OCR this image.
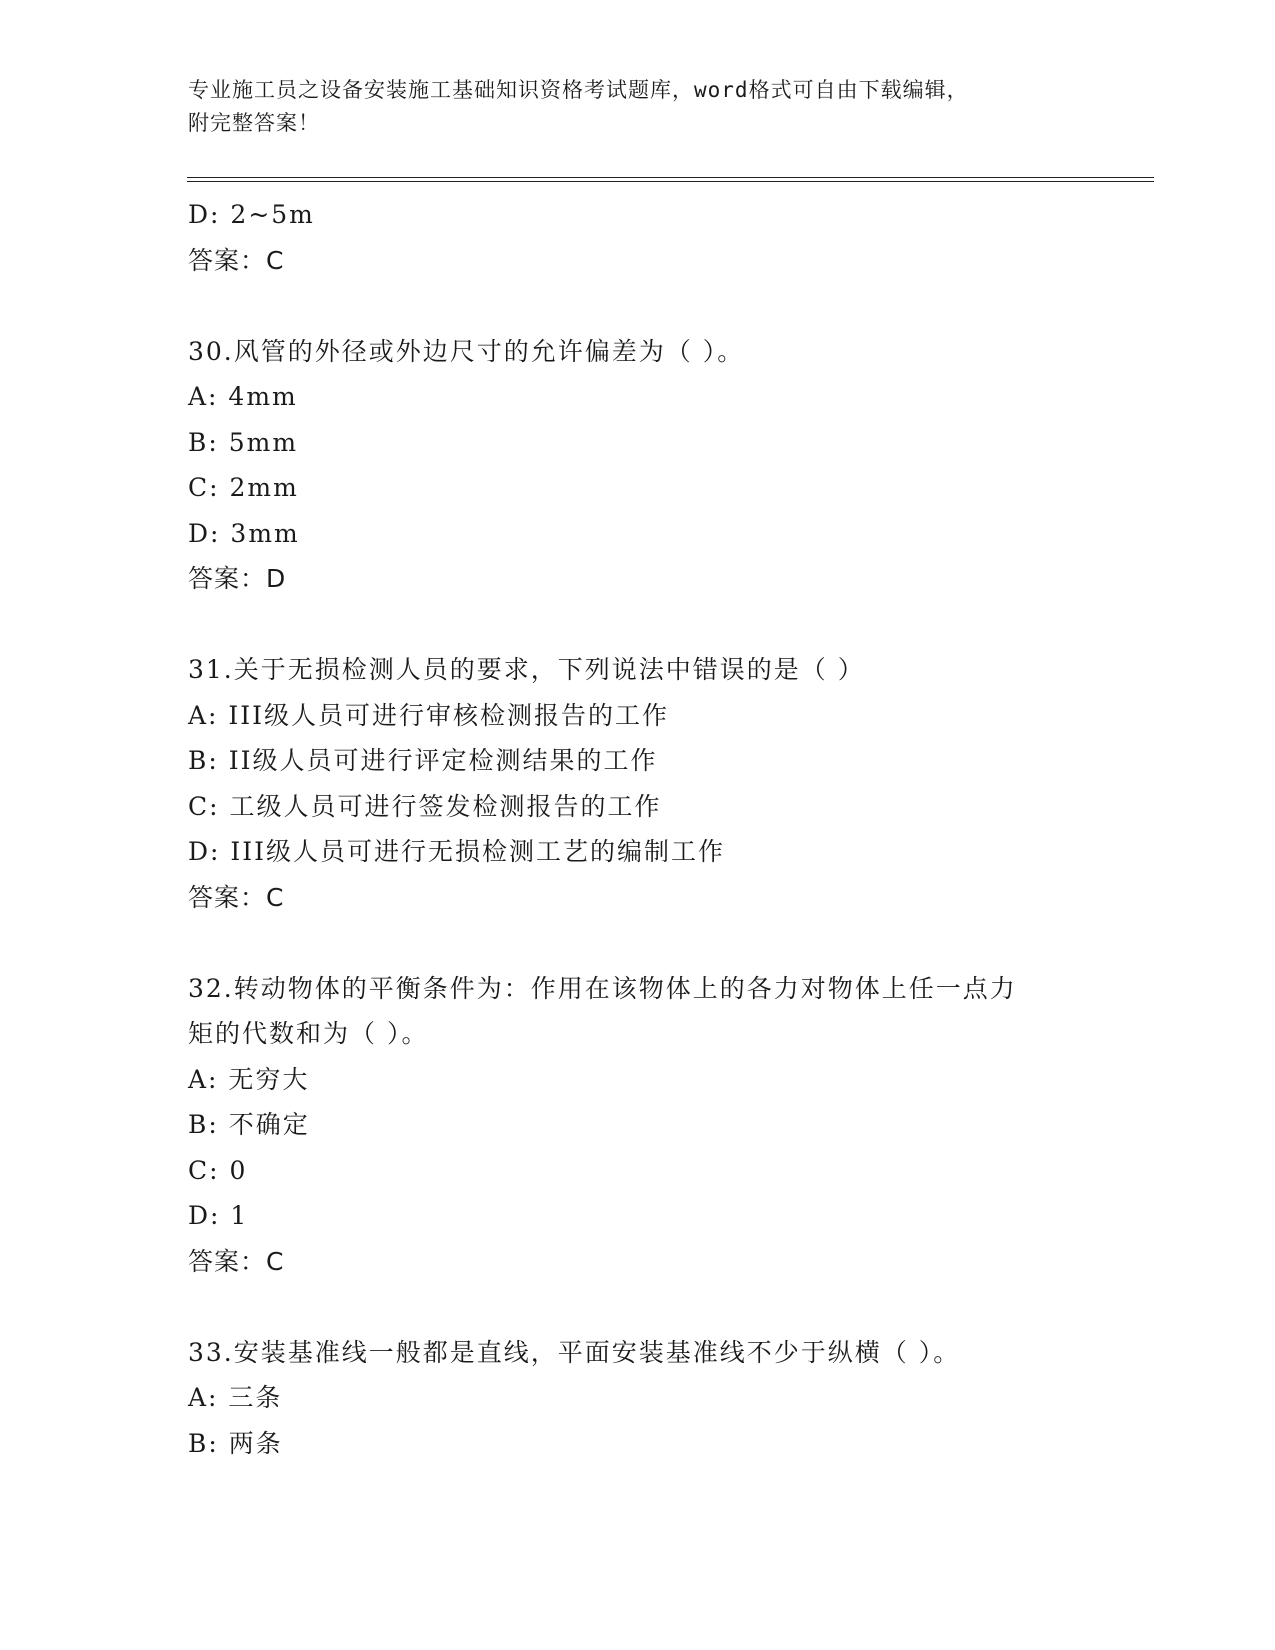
专业施工员之设备安装施工基础知识资格考试题库，word格式可自由下载编辑，
附完整答案！
D: 2~5m
答案：C
30.风管的外径或外边尺寸的允许偏差为（ ）。
A: 4mm
B: 5mm
C: 2mm
D: 3mm
答案：D
31.关于无损检测人员的要求，下列说法中错误的是（ ）
A: III级人员可进行审核检测报告的工作
B: II级人员可进行评定检测结果的工作
C: 工级人员可进行签发检测报告的工作
D: III级人员可进行无损检测工艺的编制工作
答案：C
32.转动物体的平衡条件为：作用在该物体上的各力对物体上任一点力
矩的代数和为（ ）。
A: 无穷大
B: 不确定
C: 0
D: 1
答案：C
33.安装基准线一般都是直线，平面安装基准线不少于纵横（ ）。
A: 三条
B: 两条
